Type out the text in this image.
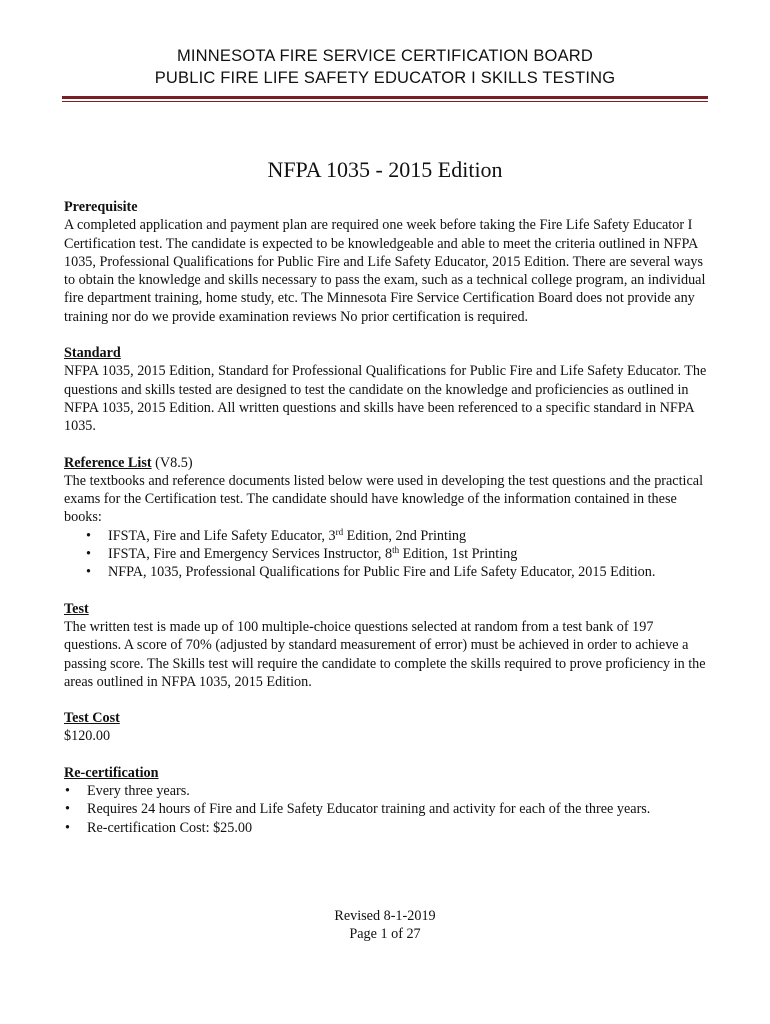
MINNESOTA FIRE SERVICE CERTIFICATION BOARD
PUBLIC FIRE LIFE SAFETY EDUCATOR I SKILLS TESTING
NFPA 1035 - 2015 Edition

Prerequisite

A completed application and payment plan are required one week before taking the Fire Life Safety Educator I Certification test. The candidate is expected to be knowledgeable and able to meet the criteria outlined in NFPA 1035, Professional Qualifications for Public Fire and Life Safety Educator, 2015 Edition. There are several ways to obtain the knowledge and skills necessary to pass the exam, such as a technical college program, an individual fire department training, home study, etc. The Minnesota Fire Service Certification Board does not provide any training nor do we provide examination reviews No prior certification is required.

Standard

NFPA 1035, 2015 Edition, Standard for Professional Qualifications for Public Fire and Life Safety Educator. The questions and skills tested are designed to test the candidate on the knowledge and proficiencies as outlined in NFPA 1035, 2015 Edition. All written questions and skills have been referenced to a specific standard in NFPA 1035.

Reference List (V8.5)

The textbooks and reference documents listed below were used in developing the test questions and the practical exams for the Certification test. The candidate should have knowledge of the information contained in these books:

• IFSTA, Fire and Life Safety Educator, 3rd Edition, 2nd Printing
• IFSTA, Fire and Emergency Services Instructor, 8th Edition, 1st Printing
• NFPA, 1035, Professional Qualifications for Public Fire and Life Safety Educator, 2015 Edition.

Test

The written test is made up of 100 multiple-choice questions selected at random from a test bank of 197 questions. A score of 70% (adjusted by standard measurement of error) must be achieved in order to achieve a passing score. The Skills test will require the candidate to complete the skills required to prove proficiency in the areas outlined in NFPA 1035, 2015 Edition.

Test Cost

$120.00

Re-certification

• Every three years.
• Requires 24 hours of Fire and Life Safety Educator training and activity for each of the three years.
• Re-certification Cost: $25.00
Revised 8-1-2019
Page 1 of 27
